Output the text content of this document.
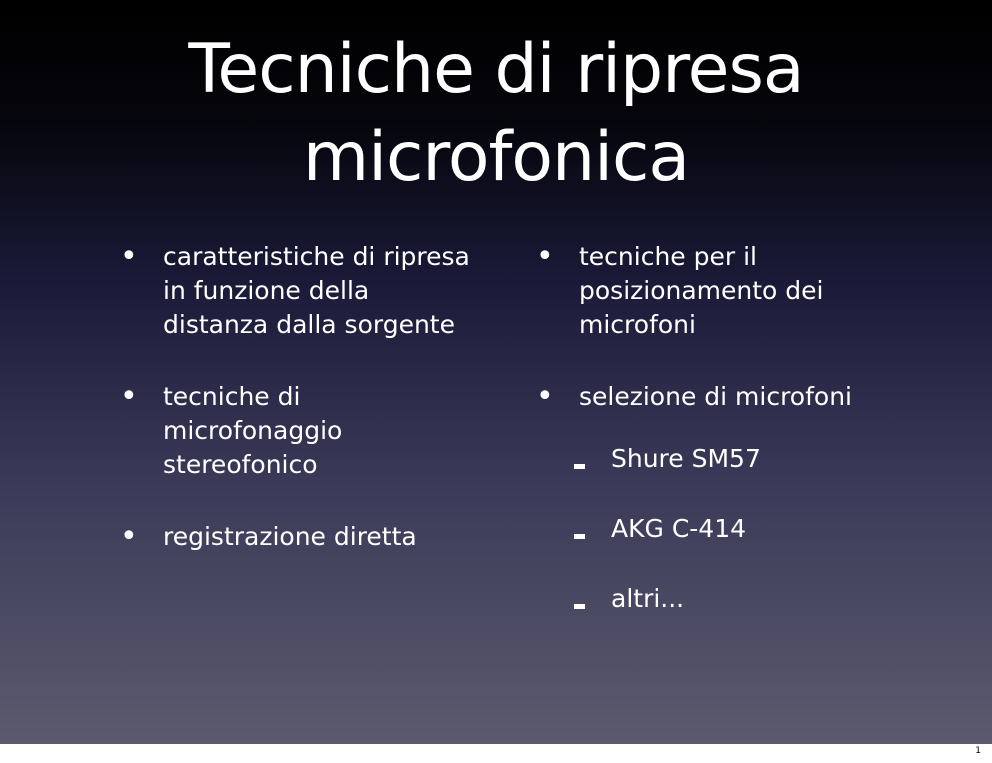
Tecniche di ripresa
microfonica
• caratteristiche di ripresa in funzione della distanza dalla sorgente
• tecniche di microfonaggio stereofonico
• registrazione diretta
• tecniche per il posizionamento dei microfoni
• selezione di microfoni
Shure SM57
AKG C-414
altri...
1
